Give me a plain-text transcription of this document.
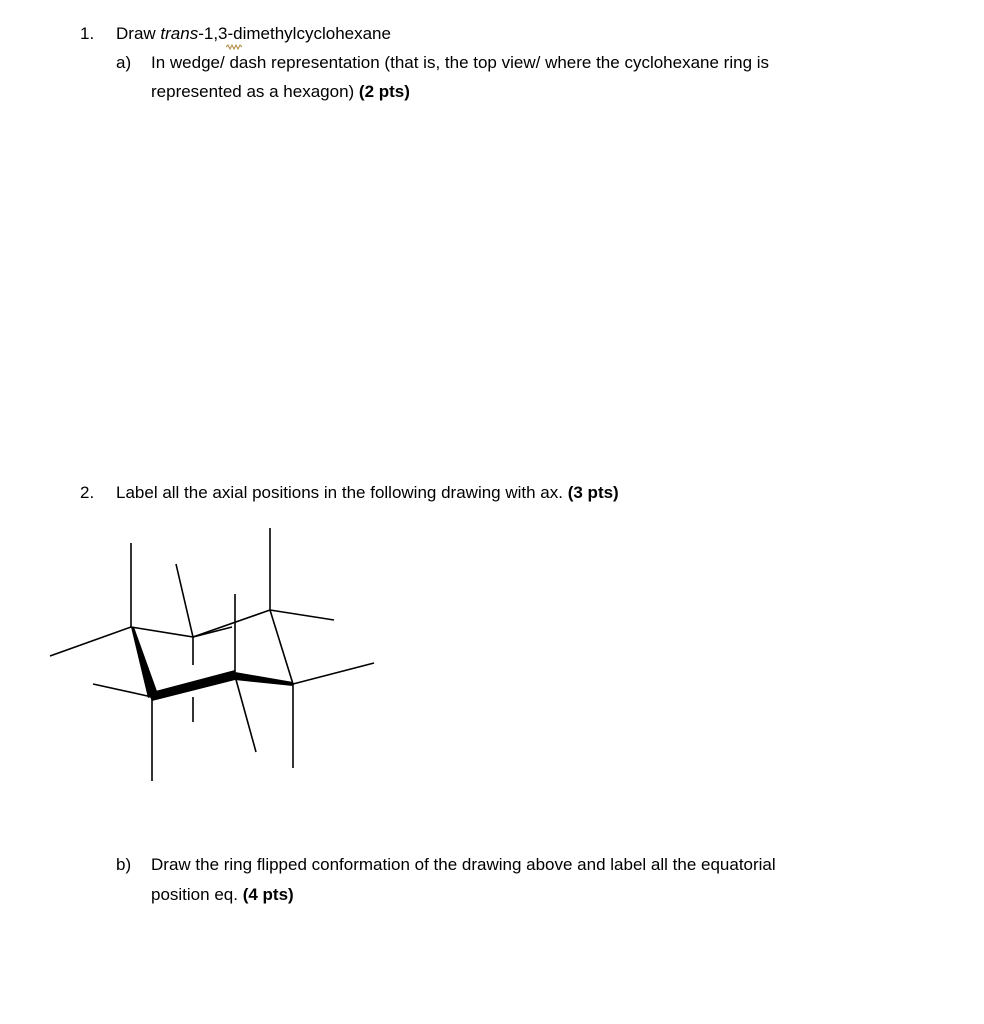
1. Draw trans-1,3-dimethylcyclohexane
a) In wedge/ dash representation (that is, the top view/ where the cyclohexane ring is
represented as a hexagon) (2 pts)
2. Label all the axial positions in the following drawing with ax. (3 pts)
b) Draw the ring flipped conformation of the drawing above and label all the equatorial
position eq. (4 pts)
